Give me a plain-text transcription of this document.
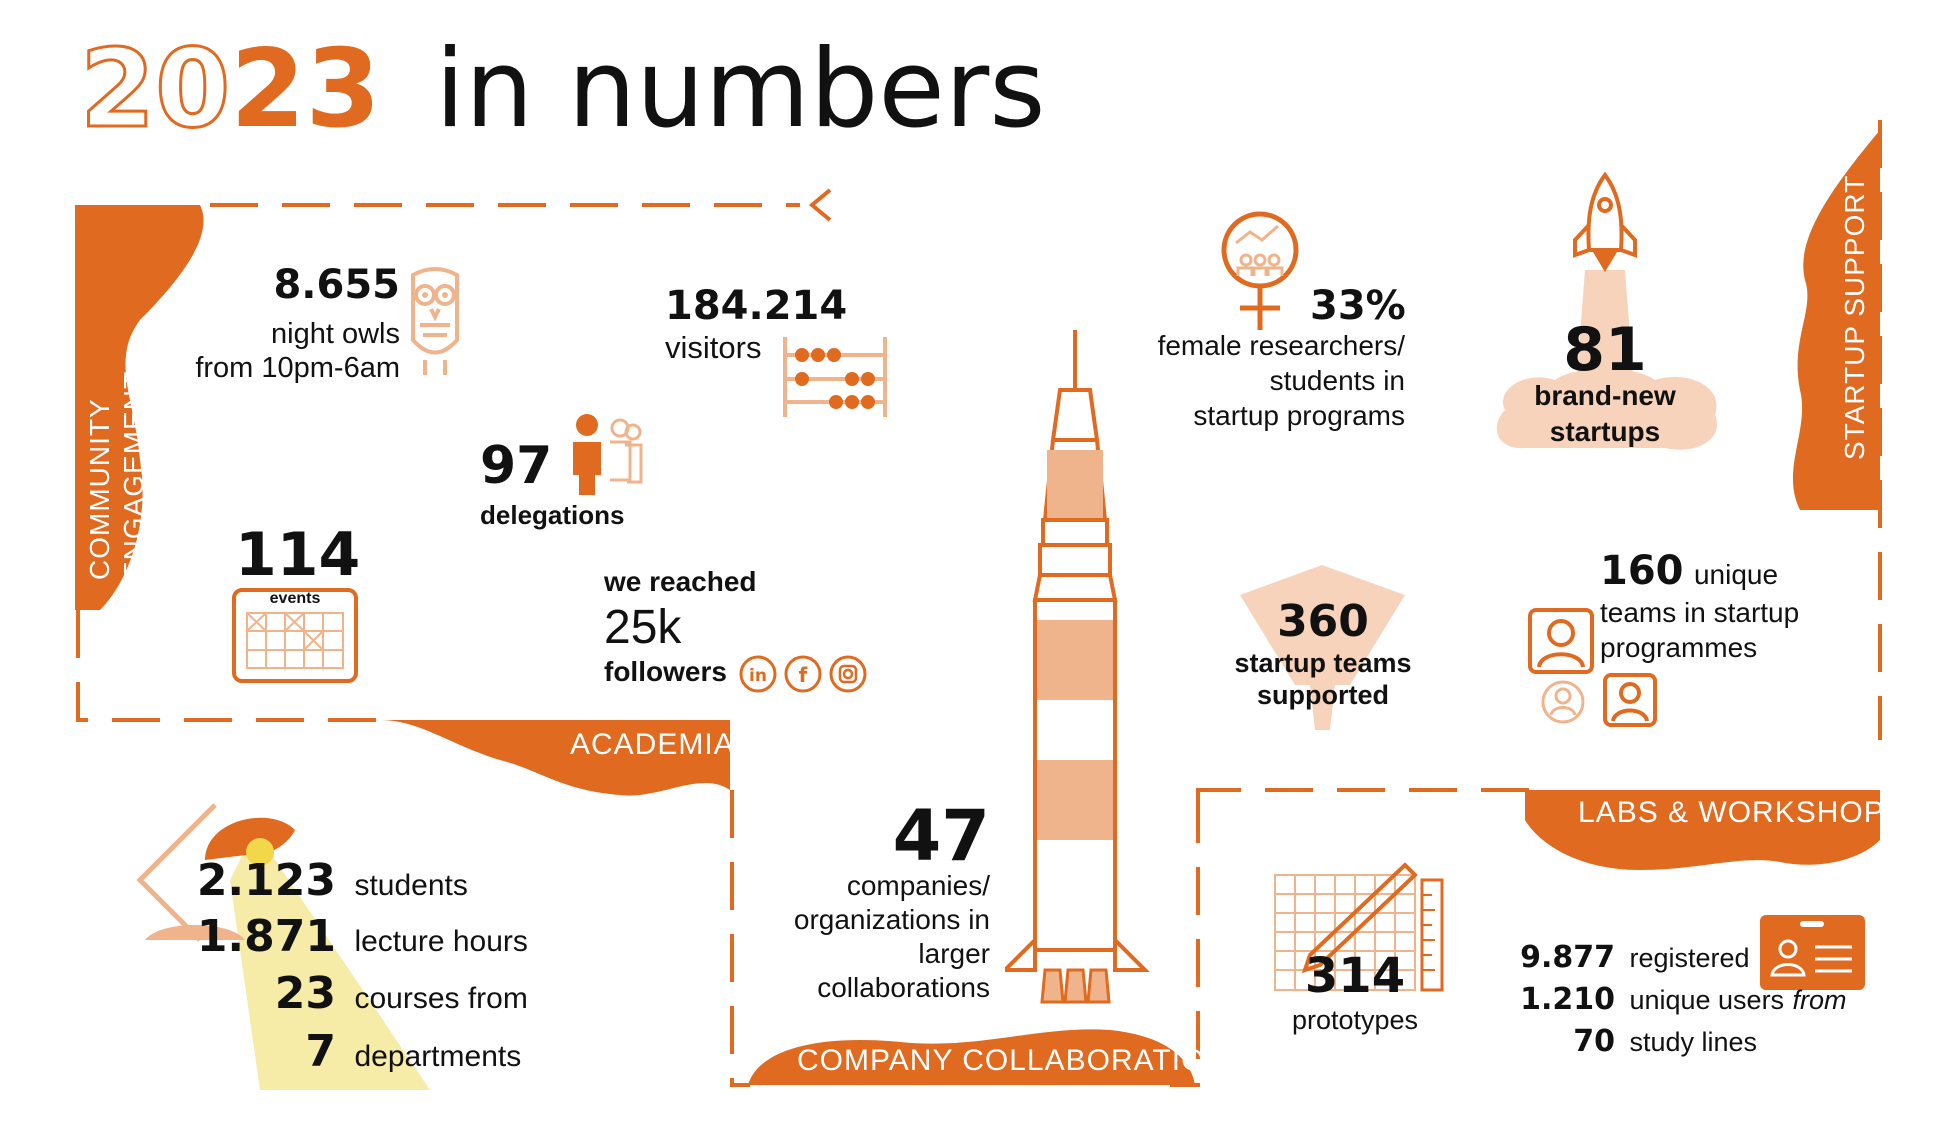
2023 in numbers
COMMUNITY ENGAGEMENT
STARTUP SUPPORT
ACADEMIA
LABS & WORKSHOPS
COMPANY COLLABORATION
8.655
night owls
from 10pm-6am
184.214
visitors
97
delegations
114
events
we reached
25k
followers in f
33%
female researchers/
students in
startup programs
81
brand-new
startups
360
startup teams
supported
160 unique
teams in startup
programmes
2.123 students
1.871 lecture hours
23 courses from
7 departments
47
companies/
organizations in
larger
collaborations	314
prototypes
9.877 registered
1.210 unique users from
70 study lines
